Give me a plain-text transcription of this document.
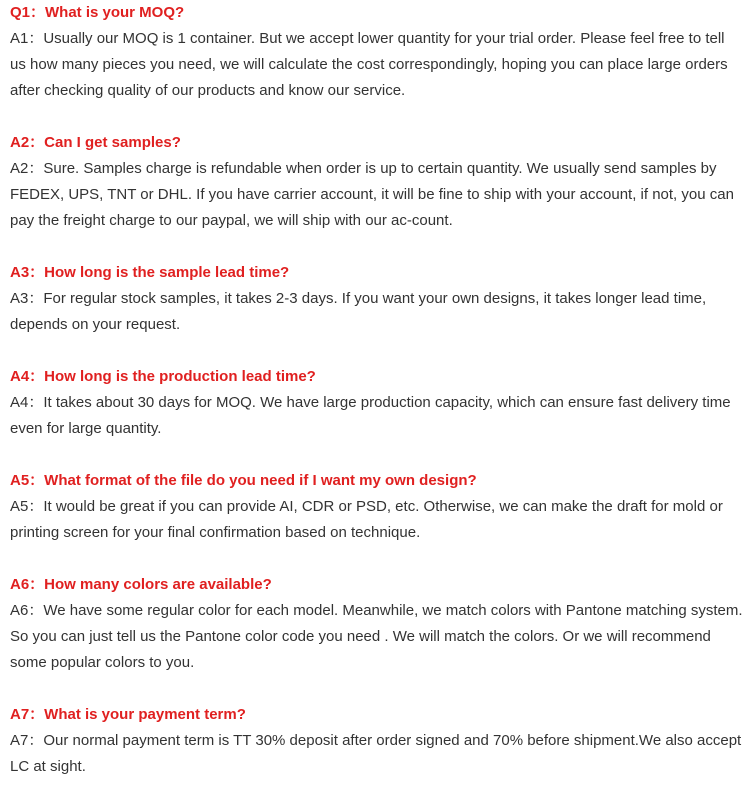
Q1：What is your MOQ?

A1：Usually our MOQ is 1 container. But we accept lower quantity for your trial order. Please feel free to tell us how many pieces you need, we will calculate the cost correspondingly, hoping you can place large orders after checking quality of our products and know our service.

A2：Can I get samples?

A2：Sure. Samples charge is refundable when order is up to certain quantity. We usually send samples by FEDEX, UPS, TNT or DHL. If you have carrier account, it will be fine to ship with your account, if not, you can pay the freight charge to our paypal, we will ship with our ac-count.

A3：How long is the sample lead time?

A3：For regular stock samples, it takes 2-3 days. If you want your own designs, it takes longer lead time, depends on your request.

A4：How long is the production lead time?

A4：It takes about 30 days for MOQ. We have large production capacity, which can ensure fast delivery time even for large quantity.

A5：What format of the file do you need if I want my own design?

A5：It would be great if you can provide AI, CDR or PSD, etc. Otherwise, we can make the draft for mold or printing screen for your final confirmation based on technique.

A6：How many colors are available?

A6：We have some regular color for each model. Meanwhile, we match colors with Pantone matching system. So you can just tell us the Pantone color code you need . We will match the colors. Or we will recommend some popular colors to you.

A7：What is your payment term?

A7：Our normal payment term is TT 30% deposit after order signed and 70% before shipment.We also accept LC at sight.
